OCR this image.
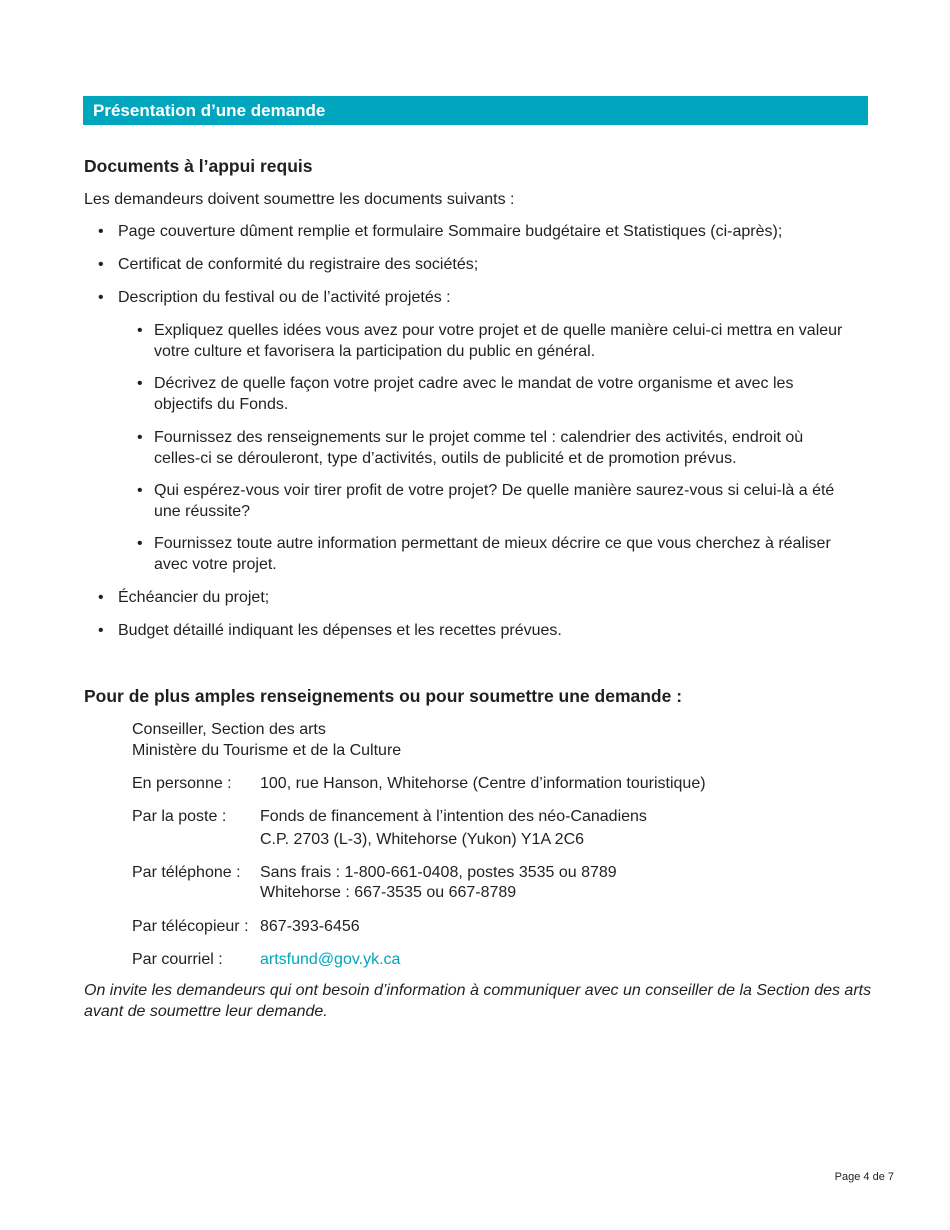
Présentation d’une demande
Documents à l’appui requis

Les demandeurs doivent soumettre les documents suivants :

• Page couverture dûment remplie et formulaire Sommaire budgétaire et Statistiques (ci-après);
• Certificat de conformité du registraire des sociétés;
• Description du festival ou de l’activité projetés :
• Expliquez quelles idées vous avez pour votre projet et de quelle manière celui-ci mettra en valeur votre culture et favorisera la participation du public en général.
• Décrivez de quelle façon votre projet cadre avec le mandat de votre organisme et avec les objectifs du Fonds.
• Fournissez des renseignements sur le projet comme tel : calendrier des activités, endroit où celles-ci se dérouleront, type d’activités, outils de publicité et de promotion prévus.
• Qui espérez-vous voir tirer profit de votre projet? De quelle manière saurez-vous si celui-là a été une réussite?
• Fournissez toute autre information permettant de mieux décrire ce que vous cherchez à réaliser avec votre projet.
• Échéancier du projet;
• Budget détaillé indiquant les dépenses et les recettes prévues.
Pour de plus amples renseignements ou pour soumettre une demande :
Conseiller, Section des arts
Ministère du Tourisme et de la Culture
En personne : 100, rue Hanson, Whitehorse (Centre d’information touristique)
Par la poste : Fonds de financement à l’intention des néo-Canadiens
C.P. 2703 (L-3), Whitehorse (Yukon) Y1A 2C6
Par téléphone : Sans frais : 1-800-661-0408, postes 3535 ou 8789
Whitehorse : 667-3535 ou 667-8789
Par télécopieur : 867-393-6456
Par courriel : artsfund@gov.yk.ca

On invite les demandeurs qui ont besoin d’information à communiquer avec un conseiller de la Section des arts avant de soumettre leur demande.

Page 4 de 7
